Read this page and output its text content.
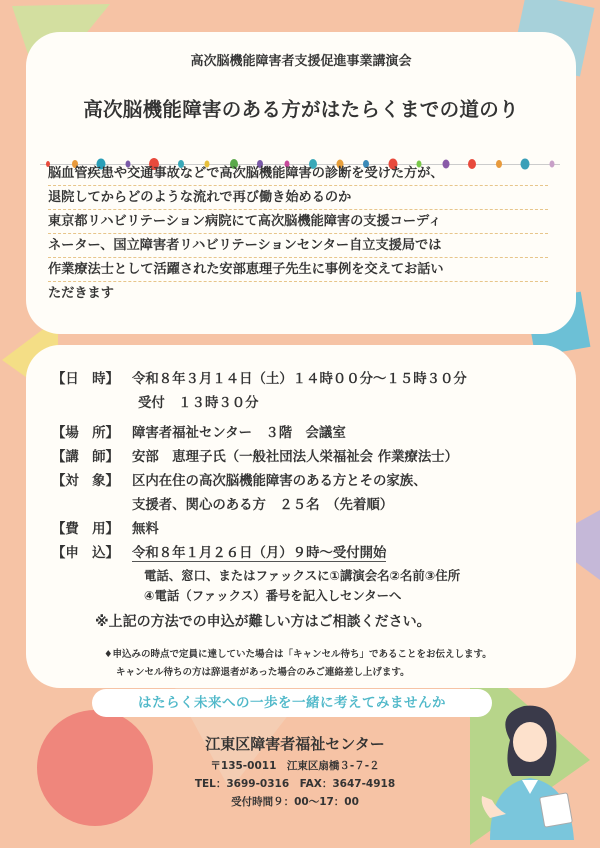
高次脳機能障害者支援促進事業講演会
高次脳機能障害のある方がはたらくまでの道のり
脳血管疾患や交通事故などで高次脳機能障害の診断を受けた方が、
退院してからどのような流れで再び働き始めるのか
東京都リハビリテーション病院にて高次脳機能障害の支援コーディ
ネーター、国立障害者リハビリテーションセンター自立支援局では
作業療法士として活躍された安部恵理子先生に事例を交えてお話い
ただきます
【日　時】 令和８年３月１４日（土）１４時００分～１５時３０分
受付　１３時３０分
【場　所】 障害者福祉センター　３階　会議室
【講　師】 安部　恵理子氏（一般社団法人栄福祉会 作業療法士）
【対　象】 区内在住の高次脳機能障害のある方とその家族、
支援者、関心のある方　２５名　（先着順）
【費　用】 無料
【申　込】 令和８年１月２６日（月）９時～受付開始
電話、窓口、またはファックスに①講演会名②名前③住所
④電話（ファックス）番号を記入しセンターへ
※上記の方法での申込が難しい方はご相談ください。
♦申込みの時点で定員に達していた場合は「キャンセル待ち」であることをお伝えします。
キャンセル待ちの方は辞退者があった場合のみご連絡差し上げます。
はたらく未来への一歩を一緒に考えてみませんか
江東区障害者福祉センター
〒135-0011　江東区扇橋３-７-２
TEL：3699-0316　FAX：3647-4918
受付時間９：00～17：00
